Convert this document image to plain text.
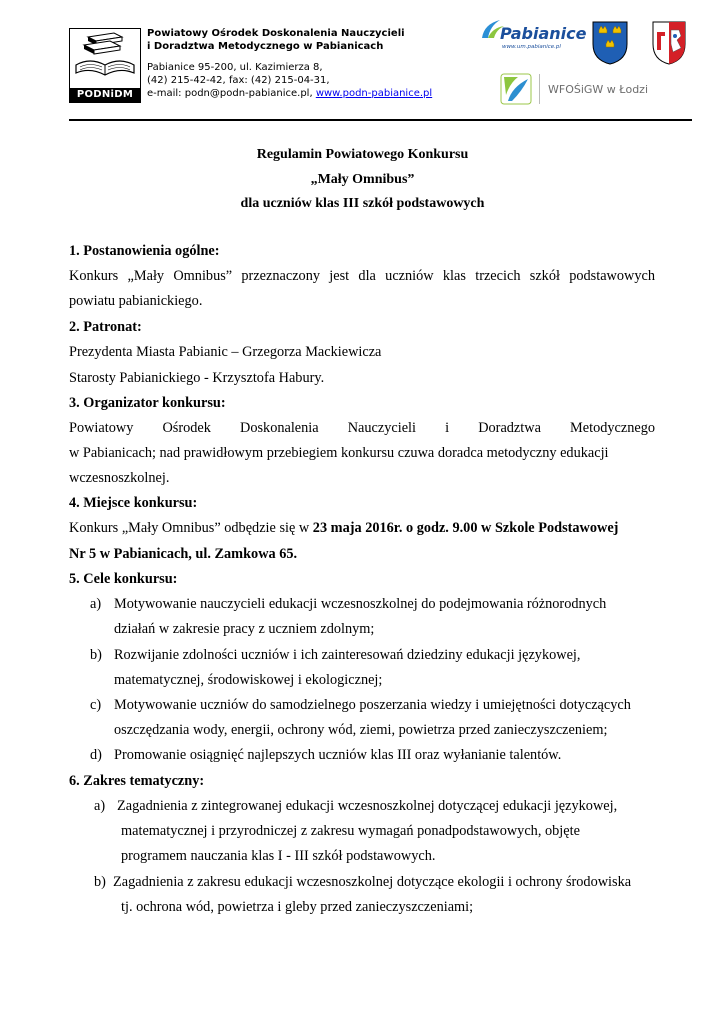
PODNiDM
Powiatowy Ośrodek Doskonalenia Nauczycieli
i Doradztwa Metodycznego w Pabianicach
Pabianice 95-200, ul. Kazimierza 8,
(42) 215-42-42, fax: (42) 215-04-31,
e-mail: podn@podn-pabianice.pl, www.podn-pabianice.pl
Pabianice
www.um.pabianice.pl
WFOŚiGW w Łodzi
Regulamin Powiatowego Konkursu
„Mały Omnibus”
dla uczniów klas III szkół podstawowych
1. Postanowienia ogólne:
Konkurs „Mały Omnibus” przeznaczony jest dla uczniów klas trzecich szkół podstawowych
powiatu pabianickiego.
2. Patronat:
Prezydenta Miasta Pabianic – Grzegorza Mackiewicza
Starosty Pabianickiego - Krzysztofa Habury.
3. Organizator konkursu:
Powiatowy Ośrodek Doskonalenia Nauczycieli i Doradztwa Metodycznego
w Pabianicach; nad prawidłowym przebiegiem konkursu czuwa doradca metodyczny edukacji
wczesnoszkolnej.
4. Miejsce konkursu:
Konkurs „Mały Omnibus” odbędzie się w 23 maja 2016r. o godz. 9.00 w Szkole Podstawowej
Nr 5 w Pabianicach, ul. Zamkowa 65.
5. Cele konkursu:
a) Motywowanie nauczycieli edukacji wczesnoszkolnej do podejmowania różnorodnych
działań w zakresie pracy z uczniem zdolnym;
b) Rozwijanie zdolności uczniów i ich zainteresowań dziedziny edukacji językowej,
matematycznej, środowiskowej i ekologicznej;
c) Motywowanie uczniów do samodzielnego poszerzania wiedzy i umiejętności dotyczących
oszczędzania wody, energii, ochrony wód, ziemi, powietrza przed zanieczyszczeniem;
d) Promowanie osiągnięć najlepszych uczniów klas III oraz wyłanianie talentów.
6. Zakres tematyczny:
a) Zagadnienia z zintegrowanej edukacji wczesnoszkolnej dotyczącej edukacji językowej,
matematycznej i przyrodniczej z zakresu wymagań ponadpodstawowych, objęte
programem nauczania klas I - III szkół podstawowych.
b) Zagadnienia z zakresu edukacji wczesnoszkolnej dotyczące ekologii i ochrony środowiska
tj. ochrona wód, powietrza i gleby przed zanieczyszczeniami;
